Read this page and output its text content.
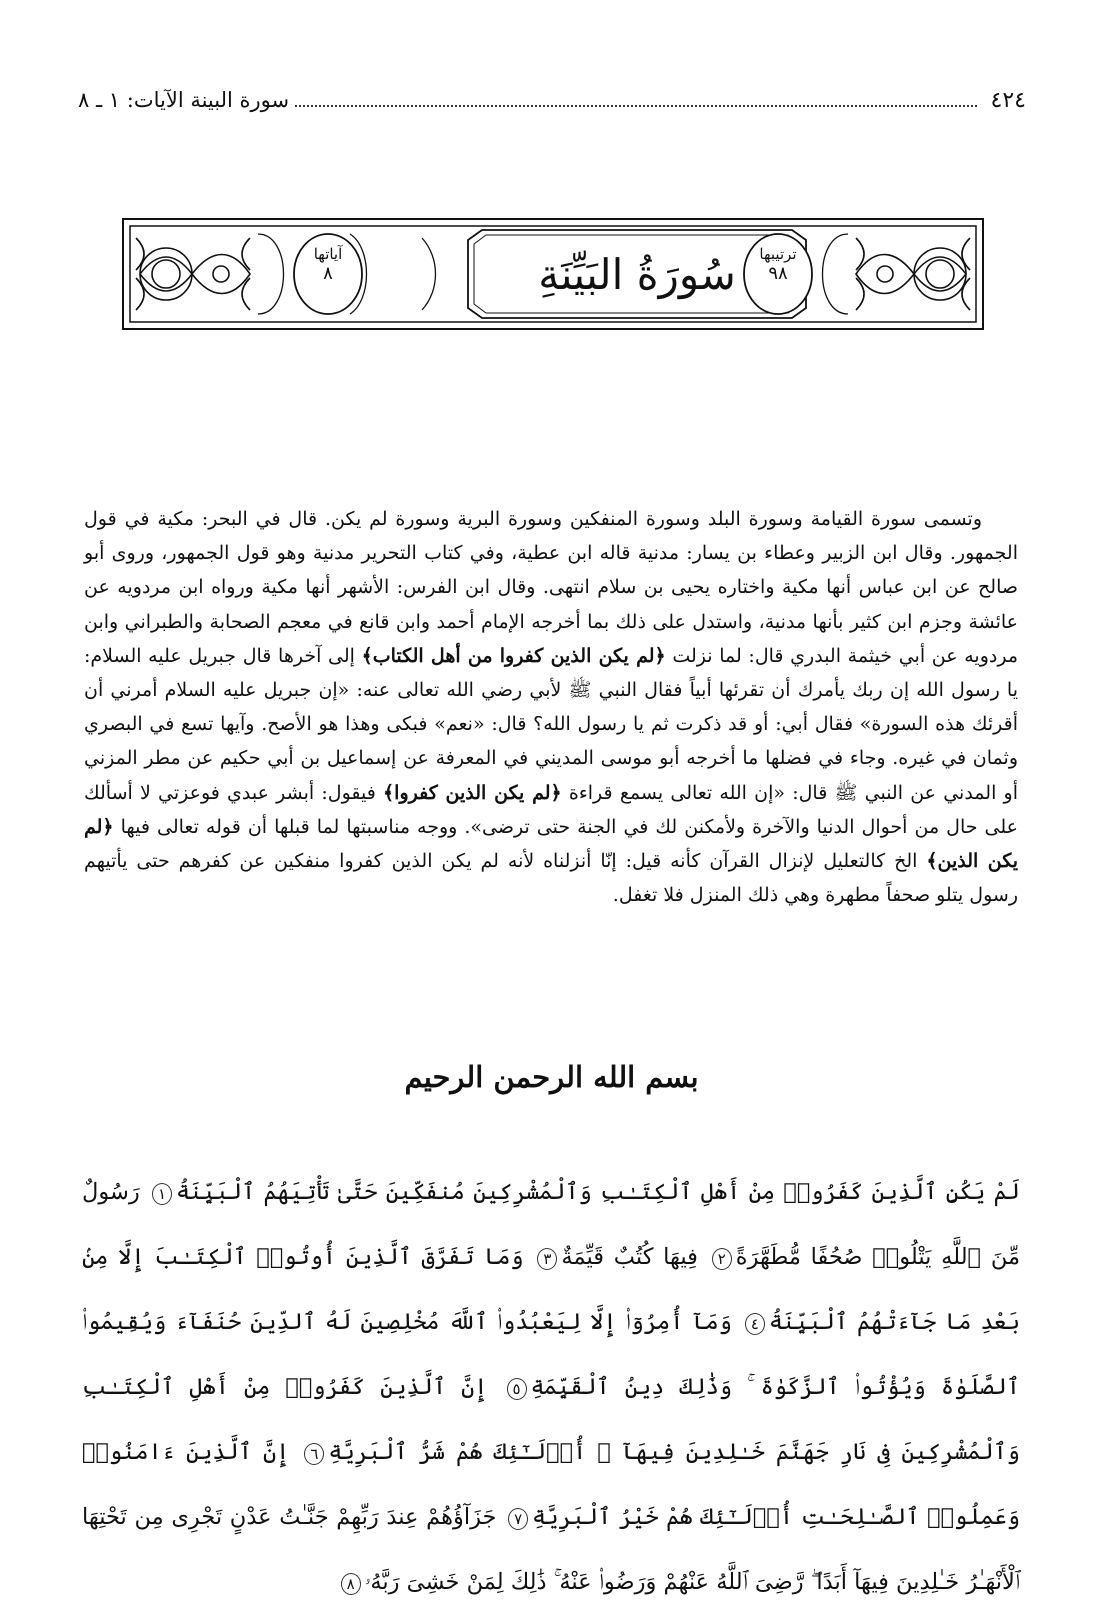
٤٢٤
سورة البينة الآيات: ١ ـ ٨
سُورَةُ البَيِّنَةِ
آياتها
٨
ترتيبها
٩٨
وتسمى سورة القيامة وسورة البلد وسورة المنفكين وسورة البرية وسورة لم يكن. قال في البحر: مكية في قول الجمهور. وقال ابن الزبير وعطاء بن يسار: مدنية قاله ابن عطية، وفي كتاب التحرير مدنية وهو قول الجمهور، وروى أبو صالح عن ابن عباس أنها مكية واختاره يحيى بن سلام انتهى. وقال ابن الفرس: الأشهر أنها مكية ورواه ابن مردويه عن عائشة وجزم ابن كثير بأنها مدنية، واستدل على ذلك بما أخرجه الإمام أحمد وابن قانع في معجم الصحابة والطبراني وابن مردويه عن أبي خيثمة البدري قال: لما نزلت ﴿لم يكن الذين كفروا من أهل الكتاب﴾ إلى آخرها قال جبريل عليه السلام: يا رسول الله إن ربك يأمرك أن تقرئها أبياً فقال النبي ﷺ لأبي رضي الله تعالى عنه: «إن جبريل عليه السلام أمرني أن أقرئك هذه السورة» فقال أبي: أو قد ذكرت ثم يا رسول الله؟ قال: «نعم» فبكى وهذا هو الأصح. وآيها تسع في البصري وثمان في غيره. وجاء في فضلها ما أخرجه أبو موسى المديني في المعرفة عن إسماعيل بن أبي حكيم عن مطر المزني أو المدني عن النبي ﷺ قال: «إن الله تعالى يسمع قراءة ﴿لم يكن الذين كفروا﴾ فيقول: أبشر عبدي فوعزتي لا أسألك على حال من أحوال الدنيا والآخرة ولأمكنن لك في الجنة حتى ترضى». ووجه مناسبتها لما قبلها أن قوله تعالى فيها ﴿لم يكن الذين﴾ الخ كالتعليل لإنزال القرآن كأنه قيل: إنّا أنزلناه لأنه لم يكن الذين كفروا منفكين عن كفرهم حتى يأتيهم رسول يتلو صحفاً مطهرة وهي ذلك المنزل فلا تغفل.
بسم الله الرحمن الرحيم
لَمْ يَكُنِ ٱلَّذِينَ كَفَرُوا۟ مِنْ أَهْلِ ٱلْكِتَـٰبِ وَٱلْمُشْرِكِينَ مُنفَكِّينَ حَتَّىٰ تَأْتِيَهُمُ ٱلْبَيِّنَةُ١ رَسُولٌ مِّنَ ٱللَّهِ يَتْلُوا۟ صُحُفًا مُّطَهَّرَةً٢ فِيهَا كُتُبٌ قَيِّمَةٌ٣ وَمَا تَفَرَّقَ ٱلَّذِينَ أُوتُوا۟ ٱلْكِتَـٰبَ إِلَّا مِنۢ بَعْدِ مَا جَآءَتْهُمُ ٱلْبَيِّنَةُ٤ وَمَآ أُمِرُوٓا۟ إِلَّا لِيَعْبُدُوا۟ ٱللَّهَ مُخْلِصِينَ لَهُ ٱلدِّينَ حُنَفَآءَ وَيُقِيمُوا۟ ٱلصَّلَوٰةَ وَيُؤْتُوا۟ ٱلزَّكَوٰةَ ۚ وَذَٰلِكَ دِينُ ٱلْقَيِّمَةِ٥ إِنَّ ٱلَّذِينَ كَفَرُوا۟ مِنْ أَهْلِ ٱلْكِتَـٰبِ وَٱلْمُشْرِكِينَ فِى نَارِ جَهَنَّمَ خَـٰلِدِينَ فِيهَآ ۚ أُو۟لَـٰٓئِكَ هُمْ شَرُّ ٱلْبَرِيَّةِ٦ إِنَّ ٱلَّذِينَ ءَامَنُوا۟ وَعَمِلُوا۟ ٱلصَّـٰلِحَـٰتِ أُو۟لَـٰٓئِكَ هُمْ خَيْرُ ٱلْبَرِيَّةِ٧ جَزَآؤُهُمْ عِندَ رَبِّهِمْ جَنَّـٰتُ عَدْنٍ تَجْرِى مِن تَحْتِهَا ٱلْأَنْهَـٰرُ خَـٰلِدِينَ فِيهَآ أَبَدًا ۖ رَّضِىَ ٱللَّهُ عَنْهُمْ وَرَضُوا۟ عَنْهُ ۚ ذَٰلِكَ لِمَنْ خَشِىَ رَبَّهُۥ٨
